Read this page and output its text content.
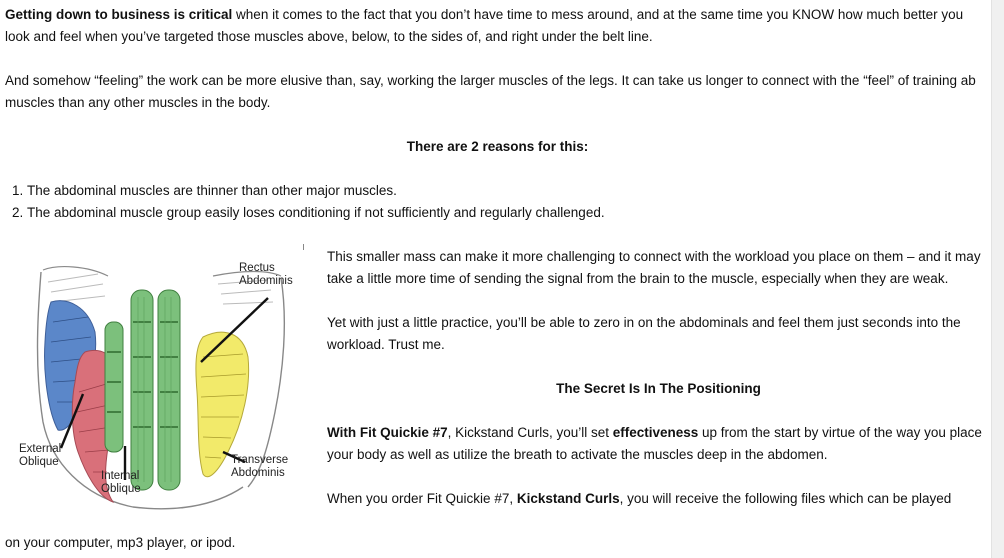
Getting down to business is critical when it comes to the fact that you don’t have time to mess around, and at the same time you KNOW how much better you look and feel when you’ve targeted those muscles above, below, to the sides of, and right under the belt line.

And somehow “feeling” the work can be more elusive than, say, working the larger muscles of the legs. It can take us longer to connect with the “feel” of training ab muscles than any other muscles in the body.

There are 2 reasons for this:

1. The abdominal muscles are thinner than other major muscles.
2. The abdominal muscle group easily loses conditioning if not sufficiently and regularly challenged.
Rectus
Abdominis
External
Oblique
Internal
Oblique
Transverse
Abdominis

This smaller mass can make it more challenging to connect with the workload you place on them – and it may take a little more time of sending the signal from the brain to the muscle, especially when they are weak.

Yet with just a little practice, you’ll be able to zero in on the abdominals and feel them just seconds into the workload. Trust me.

The Secret Is In The Positioning

With Fit Quickie #7, Kickstand Curls, you’ll set effectiveness up from the start by virtue of the way you place your body as well as utilize the breath to activate the muscles deep in the abdomen.

When you order Fit Quickie #7, Kickstand Curls, you will receive the following files which can be played

on your computer, mp3 player, or ipod.
